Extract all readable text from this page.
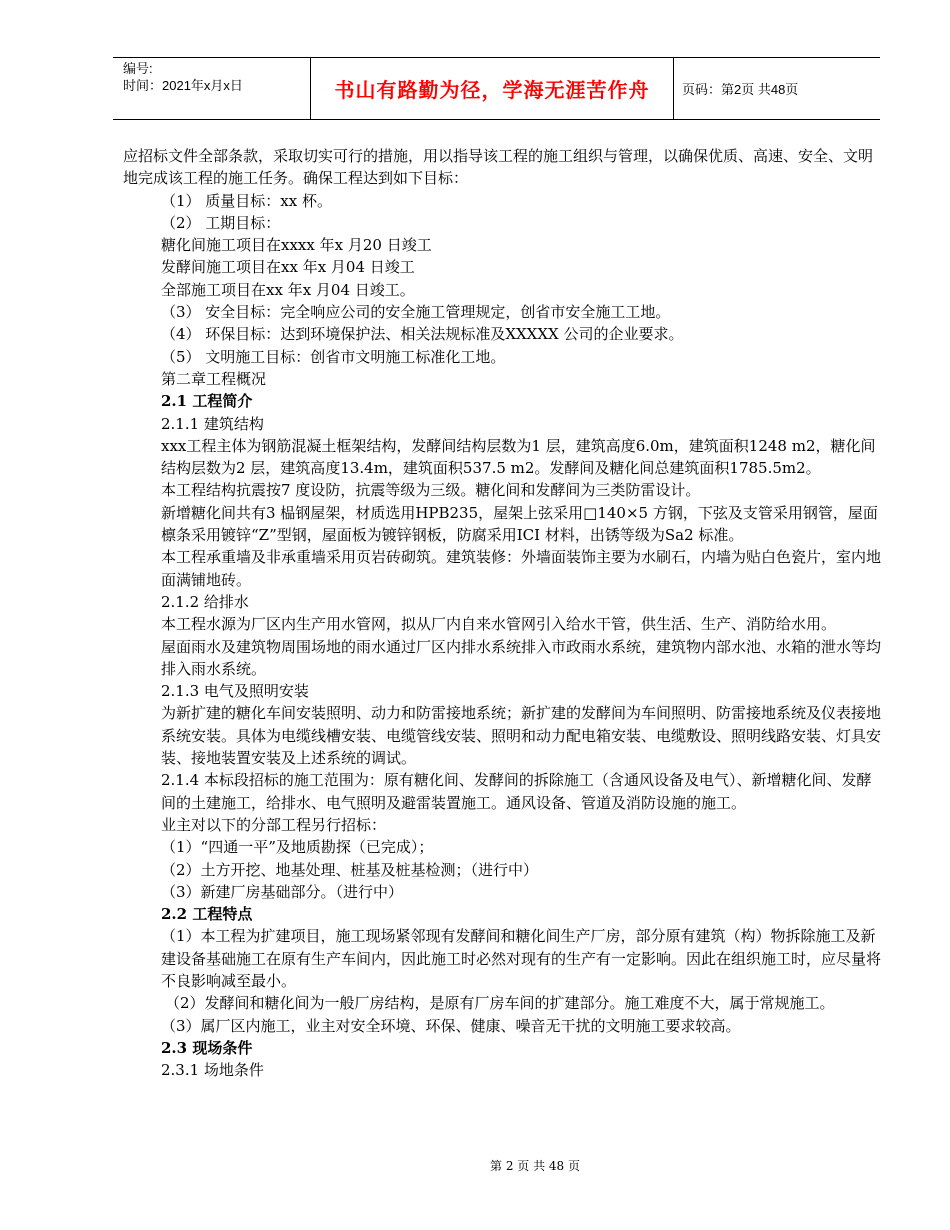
编号:
时间：2021年x月x日	书山有路勤为径，学海无涯苦作舟	页码：第2页 共48页

应招标文件全部条款，采取切实可行的措施，用以指导该工程的施工组织与管理，以确保优质、高速、安全、文明地完成该工程的施工任务。确保工程达到如下目标：

（1） 质量目标：xx 杯。

（2） 工期目标：

糖化间施工项目在xxxx 年x 月20 日竣工

发酵间施工项目在xx 年x 月04 日竣工

全部施工项目在xx 年x 月04 日竣工。

（3） 安全目标：完全响应公司的安全施工管理规定，创省市安全施工工地。

（4） 环保目标：达到环境保护法、相关法规标准及XXXXX 公司的企业要求。

（5） 文明施工目标：创省市文明施工标准化工地。

第二章工程概况

2.1 工程简介

2.1.1 建筑结构

xxx工程主体为钢筋混凝土框架结构，发酵间结构层数为1 层，建筑高度6.0m，建筑面积1248 m2，糖化间结构层数为2 层，建筑高度13.4m，建筑面积537.5 m2。发酵间及糖化间总建筑面积1785.5m2。

本工程结构抗震按7 度设防，抗震等级为三级。糖化间和发酵间为三类防雷设计。

新增糖化间共有3 榀钢屋架，材质选用HPB235，屋架上弦采用□140×5 方钢，下弦及支管采用钢管，屋面檩条采用镀锌“Z”型钢，屋面板为镀锌钢板，防腐采用ICI 材料，出锈等级为Sa2 标准。

本工程承重墙及非承重墙采用页岩砖砌筑。建筑装修：外墙面装饰主要为水刷石，内墙为贴白色瓷片，室内地面满铺地砖。

2.1.2 给排水

本工程水源为厂区内生产用水管网，拟从厂内自来水管网引入给水干管，供生活、生产、消防给水用。

屋面雨水及建筑物周围场地的雨水通过厂区内排水系统排入市政雨水系统，建筑物内部水池、水箱的泄水等均排入雨水系统。

2.1.3 电气及照明安装

为新扩建的糖化车间安装照明、动力和防雷接地系统；新扩建的发酵间为车间照明、防雷接地系统及仪表接地系统安装。具体为电缆线槽安装、电缆管线安装、照明和动力配电箱安装、电缆敷设、照明线路安装、灯具安装、接地装置安装及上述系统的调试。

2.1.4 本标段招标的施工范围为：原有糖化间、发酵间的拆除施工（含通风设备及电气）、新增糖化间、发酵间的土建施工，给排水、电气照明及避雷装置施工。通风设备、管道及消防设施的施工。

业主对以下的分部工程另行招标：

（1）“四通一平”及地质勘探（已完成）；

（2）土方开挖、地基处理、桩基及桩基检测；（进行中）

（3）新建厂房基础部分。（进行中）

2.2 工程特点

（1）本工程为扩建项目，施工现场紧邻现有发酵间和糖化间生产厂房，部分原有建筑（构）物拆除施工及新建设备基础施工在原有生产车间内，因此施工时必然对现有的生产有一定影响。因此在组织施工时，应尽量将不良影响减至最小。

（2）发酵间和糖化间为一般厂房结构，是原有厂房车间的扩建部分。施工难度不大，属于常规施工。

（3）属厂区内施工，业主对安全环境、环保、健康、噪音无干扰的文明施工要求较高。

2.3 现场条件

2.3.1 场地条件

第 2 页 共 48 页
